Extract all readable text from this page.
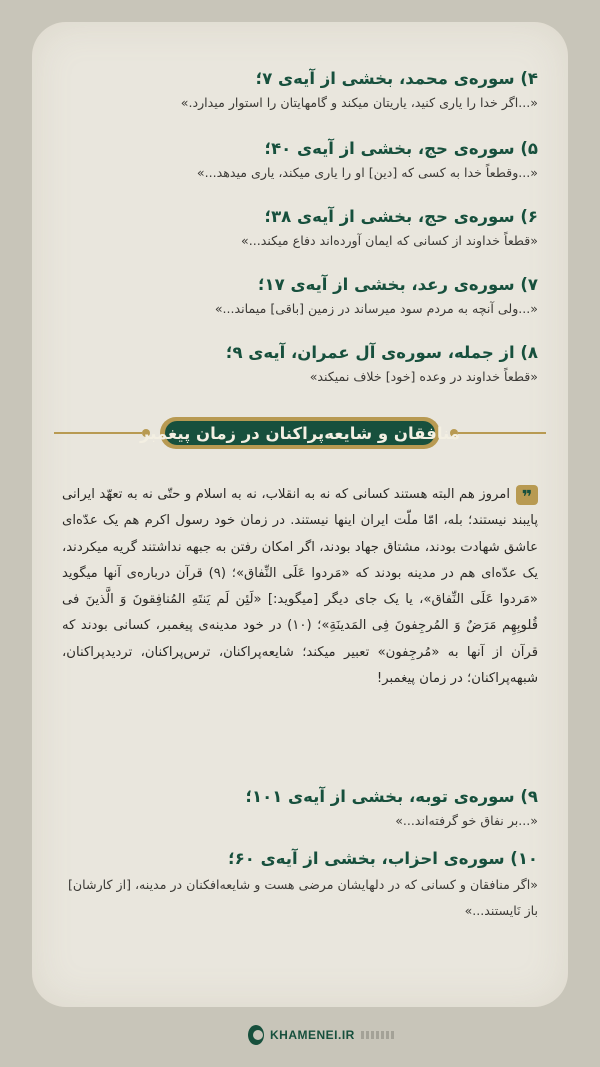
۴) سوره‌ی محمد، بخشی از آیه‌ی ۷؛
«...اگر خدا را یاری کنید، یاریتان میکند و گامهایتان را استوار میدارد.»
۵) سوره‌ی حج، بخشی از آیه‌ی ۴۰؛
«...وقطعاً خدا به کسی که [دین] او را یاری میکند، یاری میدهد...»
۶) سوره‌ی حج، بخشی از آیه‌ی ۳۸؛
«قطعاً خداوند از کسانی که ایمان آورده‌اند دفاع میکند...»
۷) سوره‌ی رعد، بخشی از آیه‌ی ۱۷؛
«...ولی آنچه به مردم سود میرساند در زمین [باقی] میماند...»
۸) از جمله، سوره‌ی آل عمران، آیه‌ی ۹؛
«قطعاً خداوند در وعده [خود] خلاف نمیکند»
منافقان و شایعه‌پراکنان در زمان پیغمبر
❞

امروز هم البته هستند کسانی که نه به انقلاب، نه به اسلام و حتّی نه به تعهّد ایرانی پایبند نیستند؛ بله، امّا ملّت ایران اینها نیستند. در زمان خود رسول اکرم هم یک عدّه‌ای عاشق شهادت بودند، مشتاق جهاد بودند، اگر امکان رفتن به جبهه نداشتند گریه میکردند، یک عدّه‌ای هم در مدینه بودند که «مَردوا عَلَی النِّفاق»؛ (۹) قرآن درباره‌ی آنها میگوید «مَردوا عَلَی النِّفاق»، یا یک جای دیگر [میگوید:] «لَئِن لَم یَنتَهِ المُنافِقونَ وَ الَّذینَ فی قُلوبِهِم مَرَضٌ وَ المُرجِفونَ فِی المَدینَةِ»؛ (۱۰) در خود مدینه‌ی پیغمبر، کسانی بودند که قرآن از آنها به «مُرجِفون» تعبیر میکند؛ شایعه‌پراکنان، ترس‌پراکنان، تردیدپراکنان، شبهه‌پراکنان؛ در زمان پیغمبر!

۹) سوره‌ی توبه، بخشی از آیه‌ی ۱۰۱؛
«...بر نفاق خو گرفته‌اند...»
۱۰) سوره‌ی احزاب، بخشی از آیه‌ی ۶۰؛
«اگر منافقان و کسانی که در دلهایشان مرضی هست و شایعه‌افکنان در مدینه، [از کارشان] باز نَایستند...»
KHAMENEI.IR
